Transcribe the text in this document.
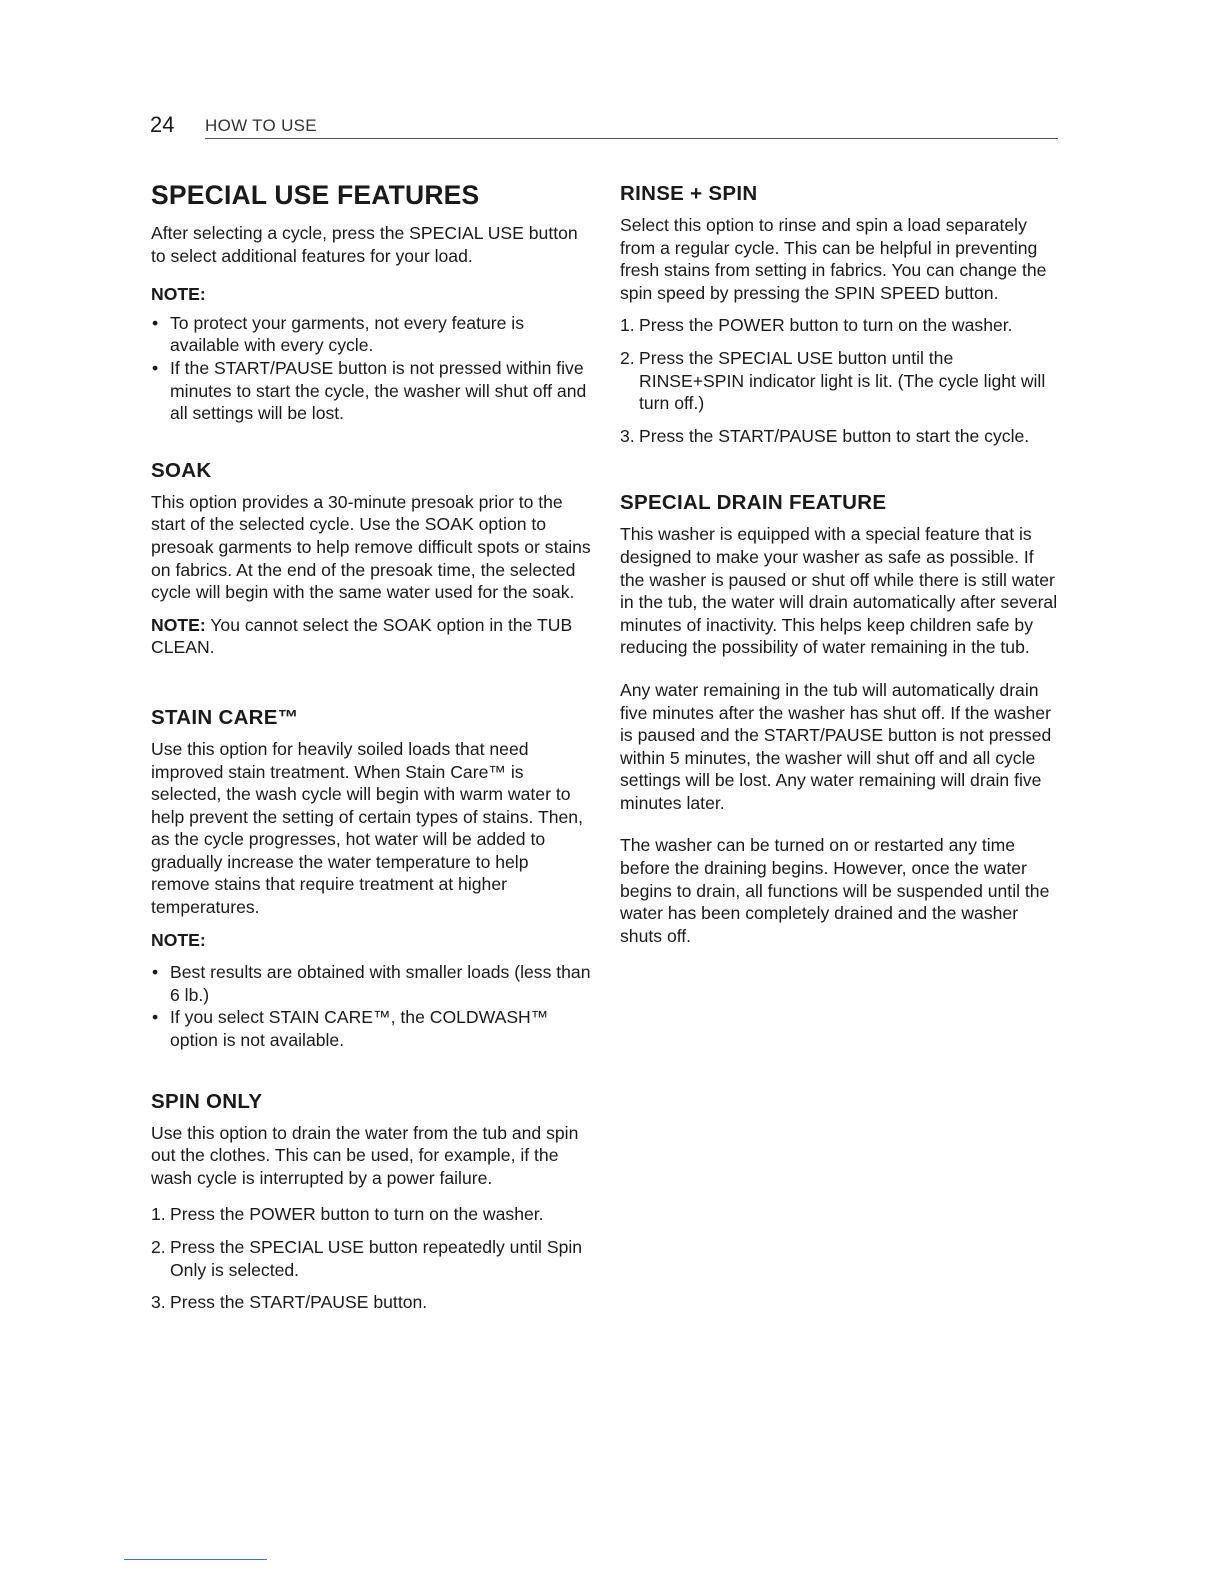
24 HOW TO USE
SPECIAL USE FEATURES

After selecting a cycle, press the SPECIAL USE button to select additional features for your load.

NOTE:
• To protect your garments, not every feature is available with every cycle.
• If the START/PAUSE button is not pressed within five minutes to start the cycle, the washer will shut off and all settings will be lost.
SOAK

This option provides a 30-minute presoak prior to the start of the selected cycle. Use the SOAK option to presoak garments to help remove difficult spots or stains on fabrics. At the end of the presoak time, the selected cycle will begin with the same water used for the soak.

NOTE: You cannot select the SOAK option in the TUB CLEAN.

STAIN CARE™

Use this option for heavily soiled loads that need improved stain treatment. When Stain Care™ is selected, the wash cycle will begin with warm water to help prevent the setting of certain types of stains. Then, as the cycle progresses, hot water will be added to gradually increase the water temperature to help remove stains that require treatment at higher temperatures.

NOTE:
• Best results are obtained with smaller loads (less than 6 lb.)
• If you select STAIN CARE™, the COLDWASH™ option is not available.
SPIN ONLY

Use this option to drain the water from the tub and spin out the clothes. This can be used, for example, if the wash cycle is interrupted by a power failure.

1. Press the POWER button to turn on the washer.
2. Press the SPECIAL USE button repeatedly until Spin Only is selected.
3. Press the START/PAUSE button.
RINSE + SPIN

Select this option to rinse and spin a load separately from a regular cycle. This can be helpful in preventing fresh stains from setting in fabrics. You can change the spin speed by pressing the SPIN SPEED button.

1. Press the POWER button to turn on the washer.
2. Press the SPECIAL USE button until the RINSE+SPIN indicator light is lit. (The cycle light will turn off.)
3. Press the START/PAUSE button to start the cycle.
SPECIAL DRAIN FEATURE

This washer is equipped with a special feature that is designed to make your washer as safe as possible. If the washer is paused or shut off while there is still water in the tub, the water will drain automatically after several minutes of inactivity. This helps keep children safe by reducing the possibility of water remaining in the tub.

Any water remaining in the tub will automatically drain five minutes after the washer has shut off. If the washer is paused and the START/PAUSE button is not pressed within 5 minutes, the washer will shut off and all cycle settings will be lost. Any water remaining will drain five minutes later.

The washer can be turned on or restarted any time before the draining begins. However, once the water begins to drain, all functions will be suspended until the water has been completely drained and the washer shuts off.
